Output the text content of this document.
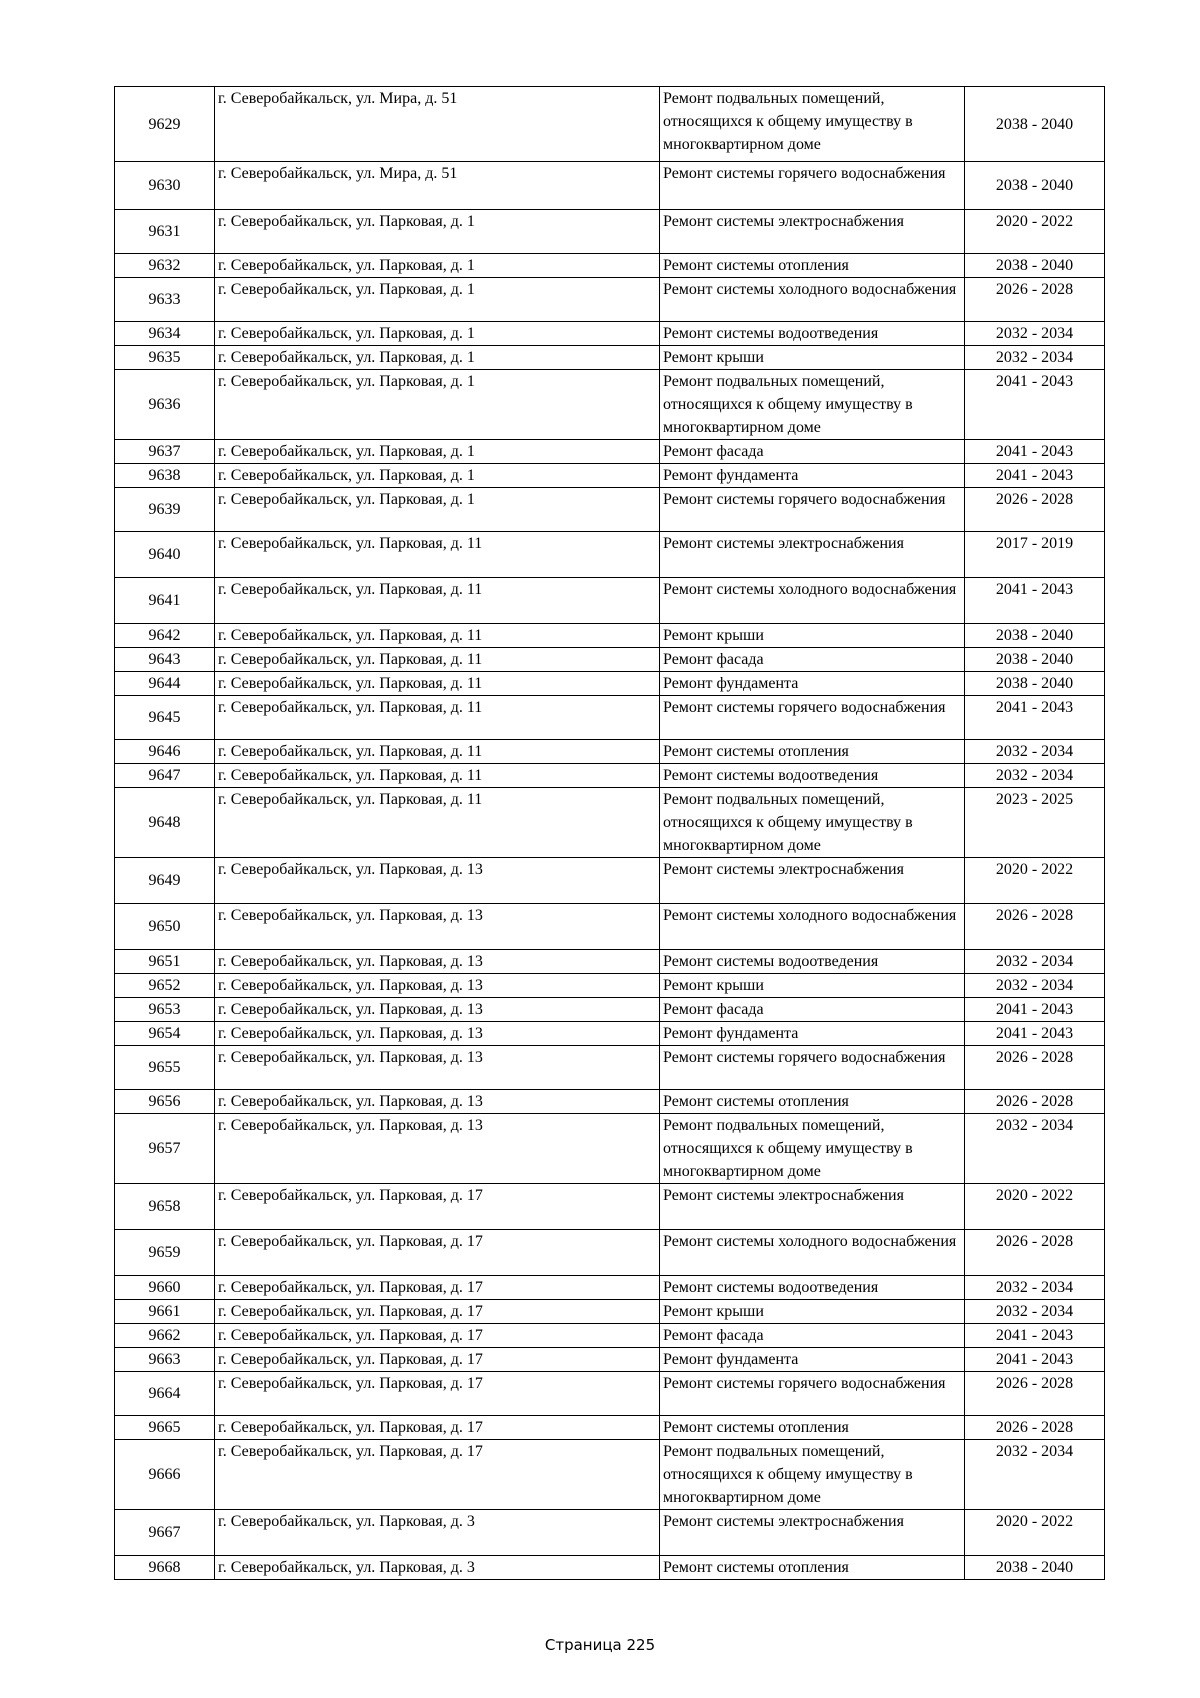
9629	г. Северобайкальск, ул. Мира, д. 51	Ремонт подвальных помещений, относящихся к общему имуществу в многоквартирном доме	2038 - 2040
9630	г. Северобайкальск, ул. Мира, д. 51	Ремонт системы горячего водоснабжения	2038 - 2040
9631	г. Северобайкальск, ул. Парковая, д. 1	Ремонт системы электроснабжения	2020 - 2022
9632	г. Северобайкальск, ул. Парковая, д. 1	Ремонт системы отопления	2038 - 2040
9633	г. Северобайкальск, ул. Парковая, д. 1	Ремонт системы холодного водоснабжения	2026 - 2028
9634	г. Северобайкальск, ул. Парковая, д. 1	Ремонт системы водоотведения	2032 - 2034
9635	г. Северобайкальск, ул. Парковая, д. 1	Ремонт крыши	2032 - 2034
9636	г. Северобайкальск, ул. Парковая, д. 1	Ремонт подвальных помещений, относящихся к общему имуществу в многоквартирном доме	2041 - 2043
9637	г. Северобайкальск, ул. Парковая, д. 1	Ремонт фасада	2041 - 2043
9638	г. Северобайкальск, ул. Парковая, д. 1	Ремонт фундамента	2041 - 2043
9639	г. Северобайкальск, ул. Парковая, д. 1	Ремонт системы горячего водоснабжения	2026 - 2028
9640	г. Северобайкальск, ул. Парковая, д. 11	Ремонт системы электроснабжения	2017 - 2019
9641	г. Северобайкальск, ул. Парковая, д. 11	Ремонт системы холодного водоснабжения	2041 - 2043
9642	г. Северобайкальск, ул. Парковая, д. 11	Ремонт крыши	2038 - 2040
9643	г. Северобайкальск, ул. Парковая, д. 11	Ремонт фасада	2038 - 2040
9644	г. Северобайкальск, ул. Парковая, д. 11	Ремонт фундамента	2038 - 2040
9645	г. Северобайкальск, ул. Парковая, д. 11	Ремонт системы горячего водоснабжения	2041 - 2043
9646	г. Северобайкальск, ул. Парковая, д. 11	Ремонт системы отопления	2032 - 2034
9647	г. Северобайкальск, ул. Парковая, д. 11	Ремонт системы водоотведения	2032 - 2034
9648	г. Северобайкальск, ул. Парковая, д. 11	Ремонт подвальных помещений, относящихся к общему имуществу в многоквартирном доме	2023 - 2025
9649	г. Северобайкальск, ул. Парковая, д. 13	Ремонт системы электроснабжения	2020 - 2022
9650	г. Северобайкальск, ул. Парковая, д. 13	Ремонт системы холодного водоснабжения	2026 - 2028
9651	г. Северобайкальск, ул. Парковая, д. 13	Ремонт системы водоотведения	2032 - 2034
9652	г. Северобайкальск, ул. Парковая, д. 13	Ремонт крыши	2032 - 2034
9653	г. Северобайкальск, ул. Парковая, д. 13	Ремонт фасада	2041 - 2043
9654	г. Северобайкальск, ул. Парковая, д. 13	Ремонт фундамента	2041 - 2043
9655	г. Северобайкальск, ул. Парковая, д. 13	Ремонт системы горячего водоснабжения	2026 - 2028
9656	г. Северобайкальск, ул. Парковая, д. 13	Ремонт системы отопления	2026 - 2028
9657	г. Северобайкальск, ул. Парковая, д. 13	Ремонт подвальных помещений, относящихся к общему имуществу в многоквартирном доме	2032 - 2034
9658	г. Северобайкальск, ул. Парковая, д. 17	Ремонт системы электроснабжения	2020 - 2022
9659	г. Северобайкальск, ул. Парковая, д. 17	Ремонт системы холодного водоснабжения	2026 - 2028
9660	г. Северобайкальск, ул. Парковая, д. 17	Ремонт системы водоотведения	2032 - 2034
9661	г. Северобайкальск, ул. Парковая, д. 17	Ремонт крыши	2032 - 2034
9662	г. Северобайкальск, ул. Парковая, д. 17	Ремонт фасада	2041 - 2043
9663	г. Северобайкальск, ул. Парковая, д. 17	Ремонт фундамента	2041 - 2043
9664	г. Северобайкальск, ул. Парковая, д. 17	Ремонт системы горячего водоснабжения	2026 - 2028
9665	г. Северобайкальск, ул. Парковая, д. 17	Ремонт системы отопления	2026 - 2028
9666	г. Северобайкальск, ул. Парковая, д. 17	Ремонт подвальных помещений, относящихся к общему имуществу в многоквартирном доме	2032 - 2034
9667	г. Северобайкальск, ул. Парковая, д. 3	Ремонт системы электроснабжения	2020 - 2022
9668	г. Северобайкальск, ул. Парковая, д. 3	Ремонт системы отопления	2038 - 2040
Страница 225
